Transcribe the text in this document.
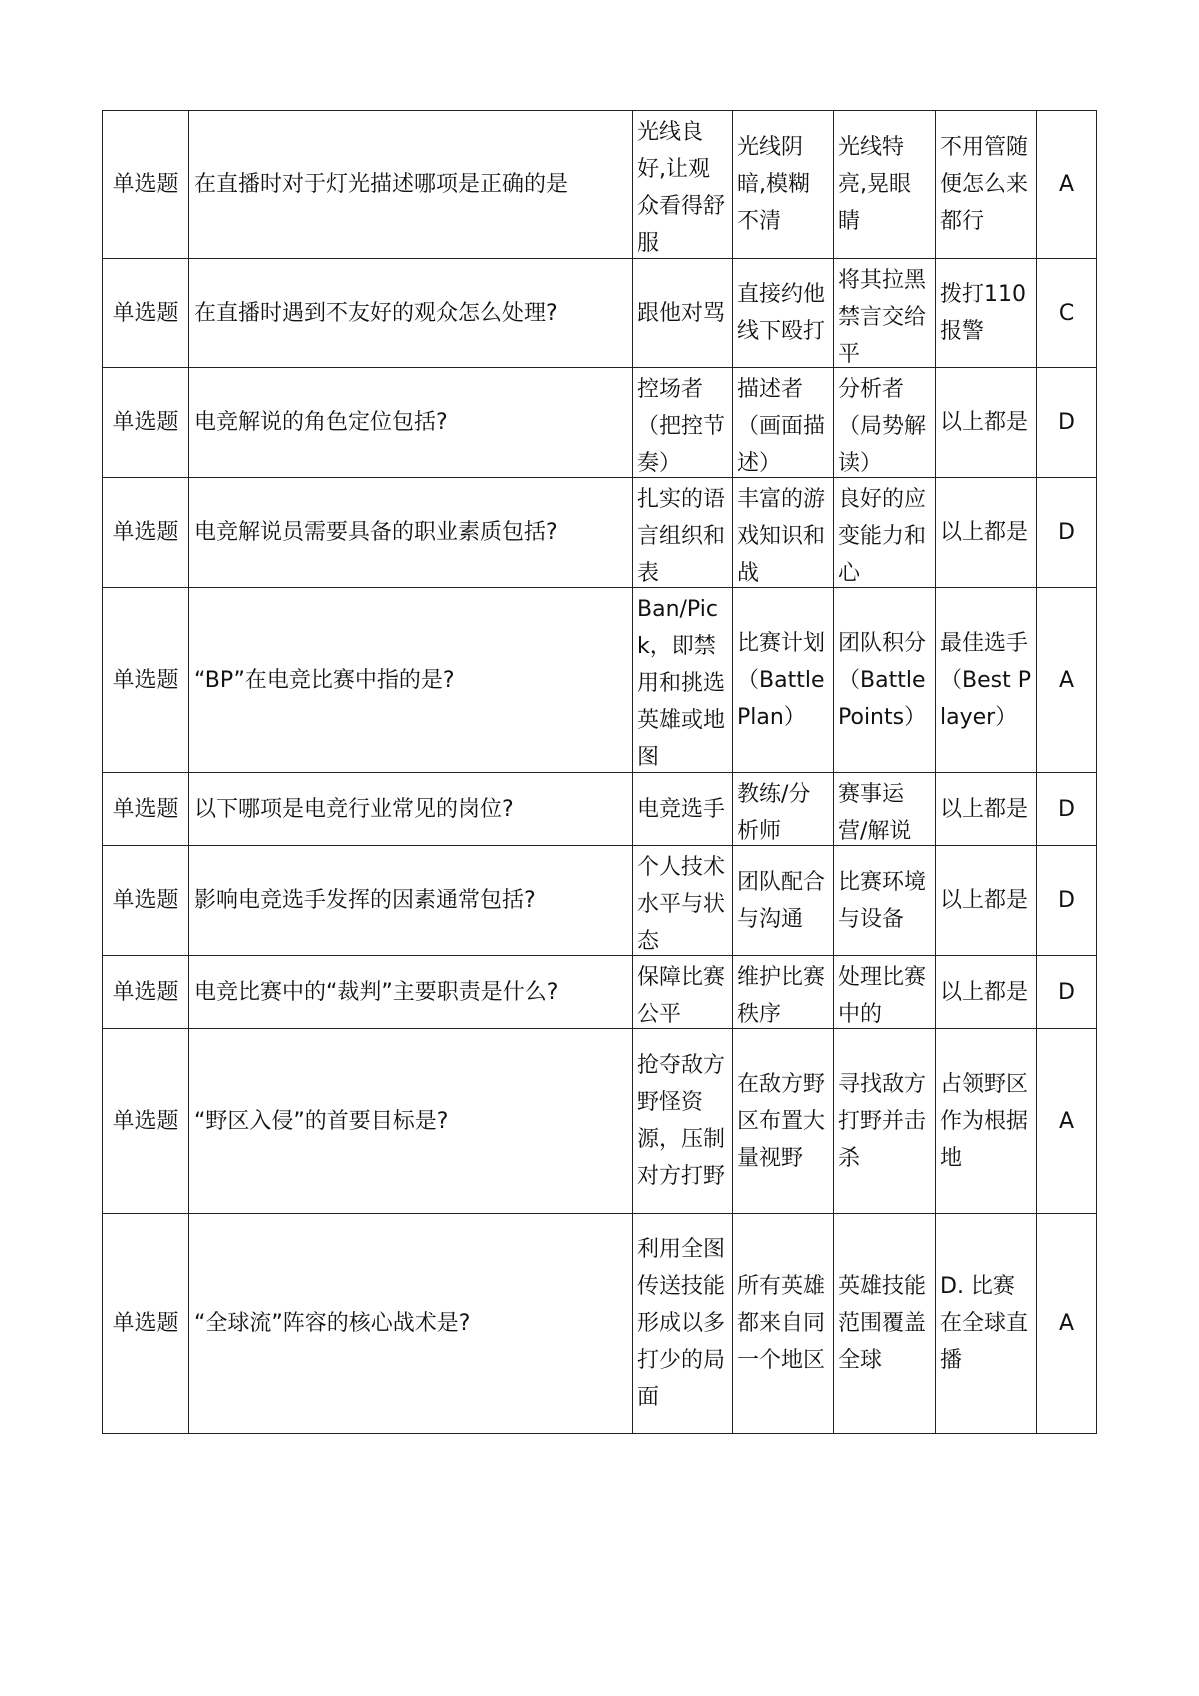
单选题	在直播时对于灯光描述哪项是正确的是	光线良好,让观众看得舒服	光线阴暗,模糊不清	光线特亮,晃眼睛	不用管随便怎么来都行	A
单选题	在直播时遇到不友好的观众怎么处理?	跟他对骂	直接约他线下殴打	将其拉黑禁言交给平	拨打110报警	C
单选题	电竞解说的角色定位包括?	控场者（把控节奏）	描述者（画面描述）	分析者（局势解读）	以上都是	D
单选题	电竞解说员需要具备的职业素质包括?	扎实的语言组织和表	丰富的游戏知识和战	良好的应变能力和心	以上都是	D
单选题	“BP”在电竞比赛中指的是?	Ban/Pick，即禁用和挑选英雄或地图	比赛计划（Battle Plan）	团队积分（Battle Points）	最佳选手（Best Player）	A
单选题	以下哪项是电竞行业常见的岗位?	电竞选手	教练/分析师	赛事运营/解说	以上都是	D
单选题	影响电竞选手发挥的因素通常包括?	个人技术水平与状态	团队配合与沟通	比赛环境与设备	以上都是	D
单选题	电竞比赛中的“裁判”主要职责是什么?	保障比赛公平	维护比赛秩序	处理比赛中的	以上都是	D
单选题	“野区入侵”的首要目标是?	抢夺敌方野怪资源，压制对方打野	在敌方野区布置大量视野	寻找敌方打野并击杀	占领野区作为根据地	A
单选题	“全球流”阵容的核心战术是?	利用全图传送技能形成以多打少的局面	所有英雄都来自同一个地区	英雄技能范围覆盖全球	D. 比赛在全球直播	A
